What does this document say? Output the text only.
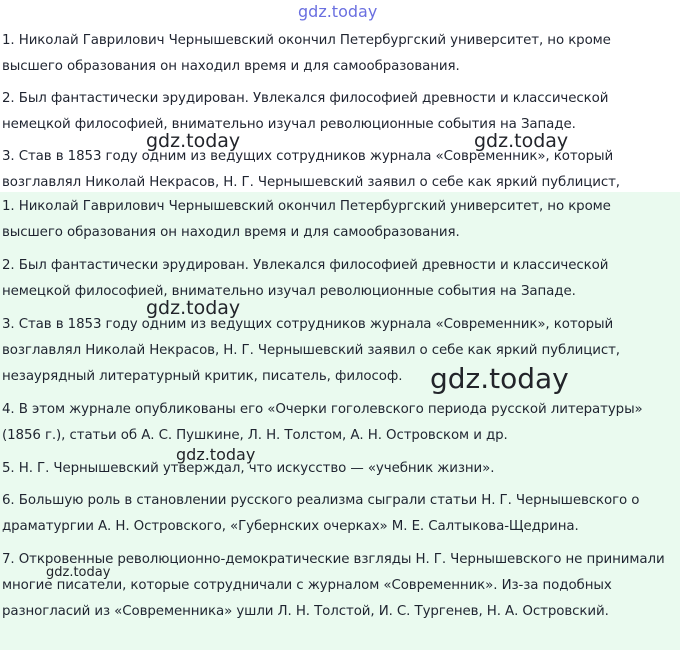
1. Николай Гаврилович Чернышевский окончил Петербургский университет, но кроме высшего образования он находил время и для самообразования.

2. Был фантастически эрудирован. Увлекался философией древности и классической немецкой философией, внимательно изучал революционные события на Западе.

3. Став в 1853 году одним из ведущих сотрудников журнала «Современник», который возглавлял Николай Некрасов, Н. Г. Чернышевский заявил о себе как яркий публицист,

1. Николай Гаврилович Чернышевский окончил Петербургский университет, но кроме высшего образования он находил время и для самообразования.

2. Был фантастически эрудирован. Увлекался философией древности и классической немецкой философией, внимательно изучал революционные события на Западе.

3. Став в 1853 году одним из ведущих сотрудников журнала «Современник», который возглавлял Николай Некрасов, Н. Г. Чернышевский заявил о себе как яркий публицист, незаурядный литературный критик, писатель, философ.

4. В этом журнале опубликованы его «Очерки гоголевского периода русской литературы» (1856 г.), статьи об А. С. Пушкине, Л. Н. Толстом, А. Н. Островском и др.

5. Н. Г. Чернышевский утверждал, что искусство — «учебник жизни».

6. Большую роль в становлении русского реализма сыграли статьи Н. Г. Чернышевского о драматургии А. Н. Островского, «Губернских очерках» М. Е. Салтыкова-Щедрина.

7. Откровенные революционно-демократические взгляды Н. Г. Чернышевского не принимали многие писатели, которые сотрудничали с журналом «Современник». Из-за подобных разногласий из «Современника» ушли Л. Н. Толстой, И. С. Тургенев, Н. А. Островский.

gdz.today
gdz.today	gdz.today
gdz.today
gdz.today
gdz.today
gdz.today
